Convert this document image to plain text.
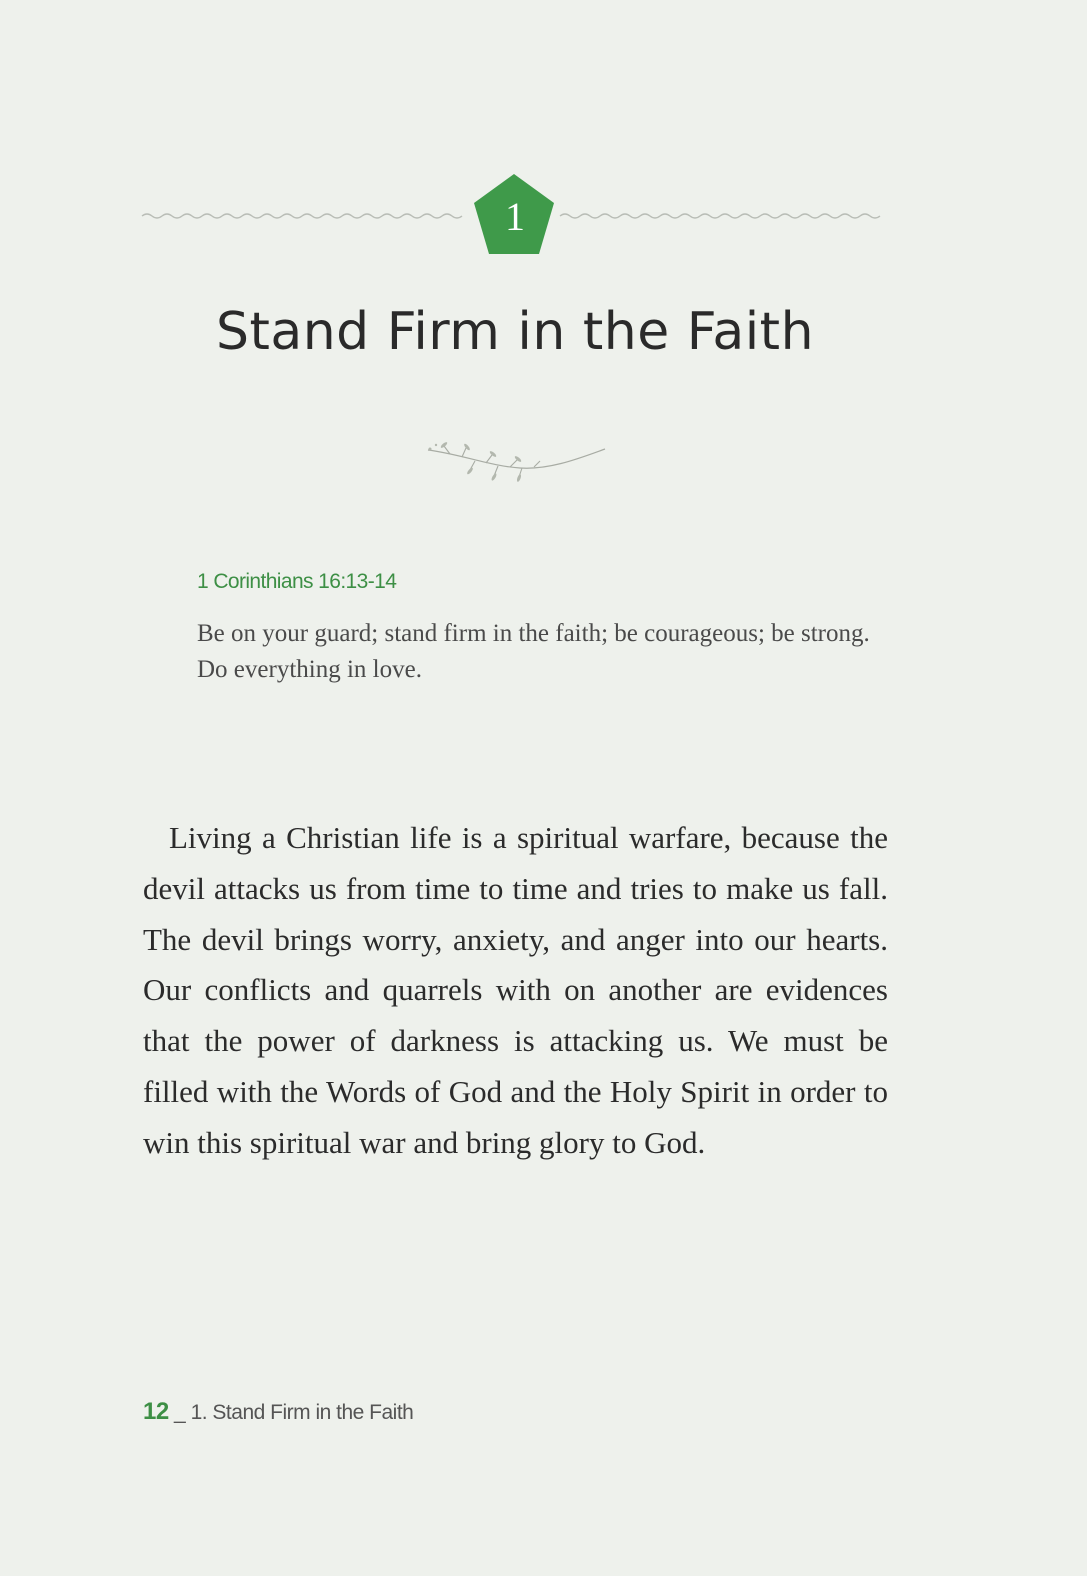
1
Stand Firm in the Faith
1 Corinthians 16:13-14
Be on your guard; stand firm in the faith; be courageous; be strong. Do everything in love.

Living a Christian life is a spiritual warfare, because the devil attacks us from time to time and tries to make us fall. The devil brings worry, anxiety, and anger into our hearts. Our conflicts and quarrels with on another are evidences that the power of darkness is attacking us. We must be filled with the Words of God and the Holy Spirit in order to win this spiritual war and bring glory to God.

12 _ 1. Stand Firm in the Faith
